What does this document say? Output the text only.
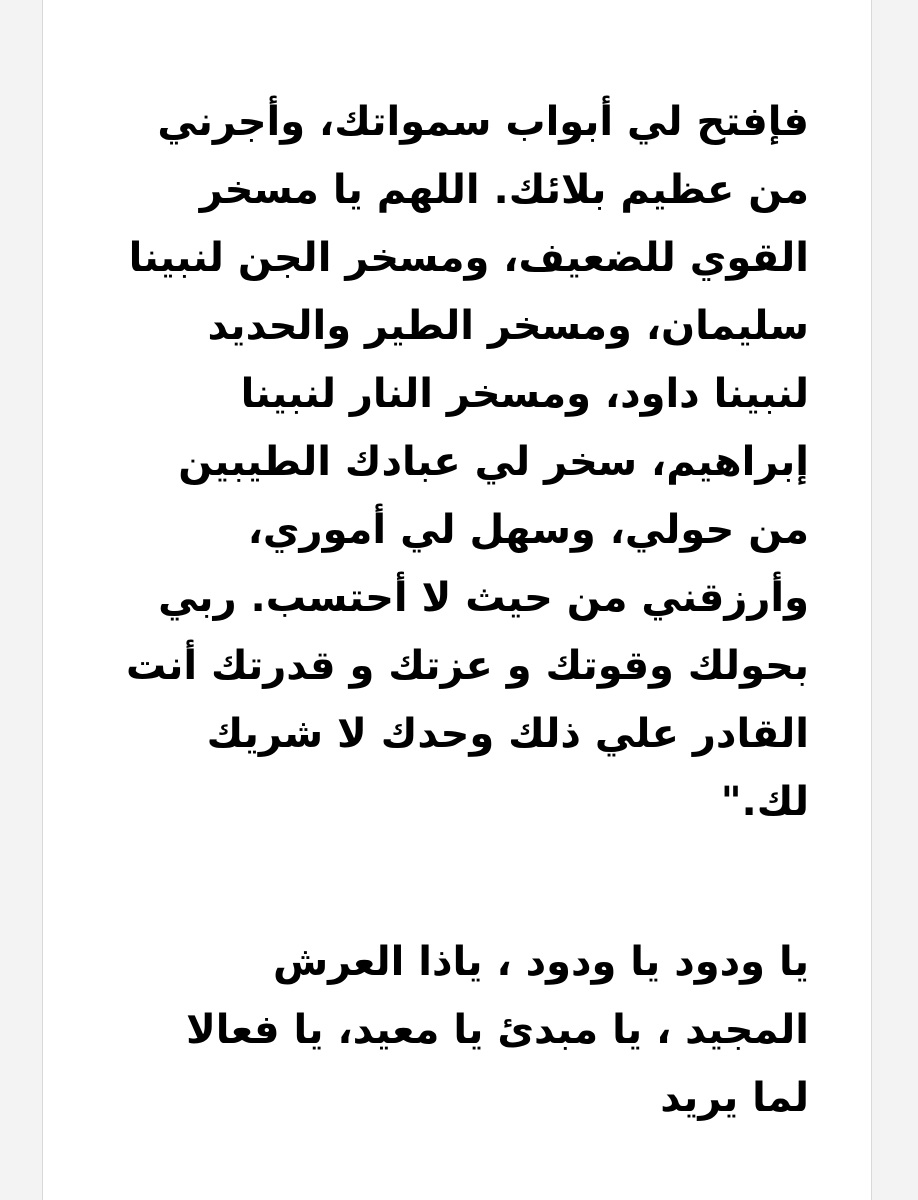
فإفتح لي أبواب سمواتك، وأجرني
من عظيم بلائك. اللهم يا مسخر
القوي للضعيف، ومسخر الجن لنبينا
سليمان، ومسخر الطير والحديد
لنبينا داود، ومسخر النار لنبينا
إبراهيم، سخر لي عبادك الطيبين
من حولي، وسهل لي أموري،
وأرزقني من حيث لا أحتسب. ربي
بحولك وقوتك و عزتك و قدرتك أنت
القادر علي ذلك وحدك لا شريك
لك."
يا ودود يا ودود ، ياذا العرش
المجيد ، يا مبدئ يا معيد، يا فعالا
لما يريد
